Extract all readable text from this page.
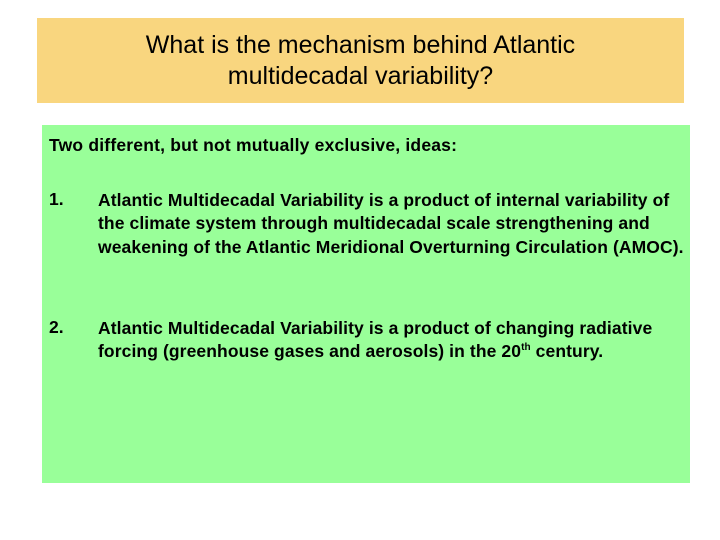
What is the mechanism behind Atlantic
multidecadal variability?
Two different, but not mutually exclusive, ideas:
1. Atlantic Multidecadal Variability is a product of internal variability of the climate system through multidecadal scale strengthening and weakening of the Atlantic Meridional Overturning Circulation (AMOC).
2. Atlantic Multidecadal Variability is a product of changing radiative forcing (greenhouse gases and aerosols) in the 20th century.
